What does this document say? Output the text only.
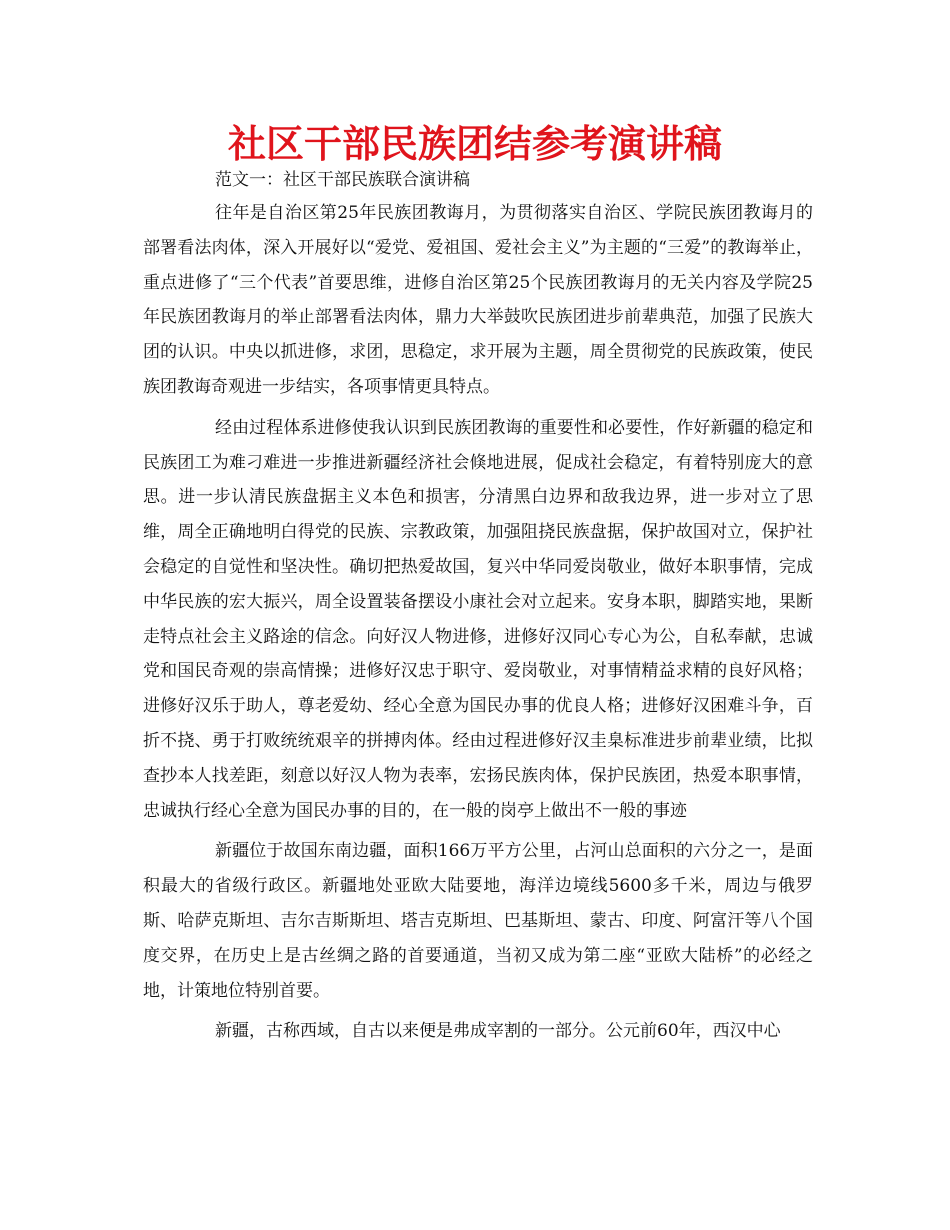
社区干部民族团结参考演讲稿

范文一：社区干部民族联合演讲稿

往年是自治区第25年民族团教诲月，为贯彻落实自治区、学院民族团教诲月的部署看法肉体，深入开展好以“爱党、爱祖国、爱社会主义”为主题的“三爱”的教诲举止，重点进修了“三个代表”首要思维，进修自治区第25个民族团教诲月的无关内容及学院25年民族团教诲月的举止部署看法肉体，鼎力大举鼓吹民族团进步前辈典范，加强了民族大团的认识。中央以抓进修，求团，思稳定，求开展为主题，周全贯彻党的民族政策，使民族团教诲奇观进一步结实，各项事情更具特点。

经由过程体系进修使我认识到民族团教诲的重要性和必要性，作好新疆的稳定和民族团工为难刁难进一步推进新疆经济社会倏地进展，促成社会稳定，有着特别庞大的意思。进一步认清民族盘据主义本色和损害，分清黑白边界和敌我边界，进一步对立了思维，周全正确地明白得党的民族、宗教政策，加强阻挠民族盘据，保护故国对立，保护社会稳定的自觉性和坚决性。确切把热爱故国，复兴中华同爱岗敬业，做好本职事情，完成中华民族的宏大振兴，周全设置装备摆设小康社会对立起来。安身本职，脚踏实地，果断走特点社会主义路途的信念。向好汉人物进修，进修好汉同心专心为公，自私奉献，忠诚党和国民奇观的崇高情操；进修好汉忠于职守、爱岗敬业，对事情精益求精的良好风格；进修好汉乐于助人，尊老爱幼、经心全意为国民办事的优良人格；进修好汉困难斗争，百折不挠、勇于打败统统艰辛的拼搏肉体。经由过程进修好汉圭臬标准进步前辈业绩，比拟查抄本人找差距，刻意以好汉人物为表率，宏扬民族肉体，保护民族团，热爱本职事情，忠诚执行经心全意为国民办事的目的，在一般的岗亭上做出不一般的事迹

新疆位于故国东南边疆，面积166万平方公里，占河山总面积的六分之一，是面积最大的省级行政区。新疆地处亚欧大陆要地，海洋边境线5600多千米，周边与俄罗斯、哈萨克斯坦、吉尔吉斯斯坦、塔吉克斯坦、巴基斯坦、蒙古、印度、阿富汗等八个国度交界，在历史上是古丝绸之路的首要通道，当初又成为第二座“亚欧大陆桥”的必经之地，计策地位特别首要。

新疆，古称西域，自古以来便是弗成宰割的一部分。公元前60年，西汉中心
